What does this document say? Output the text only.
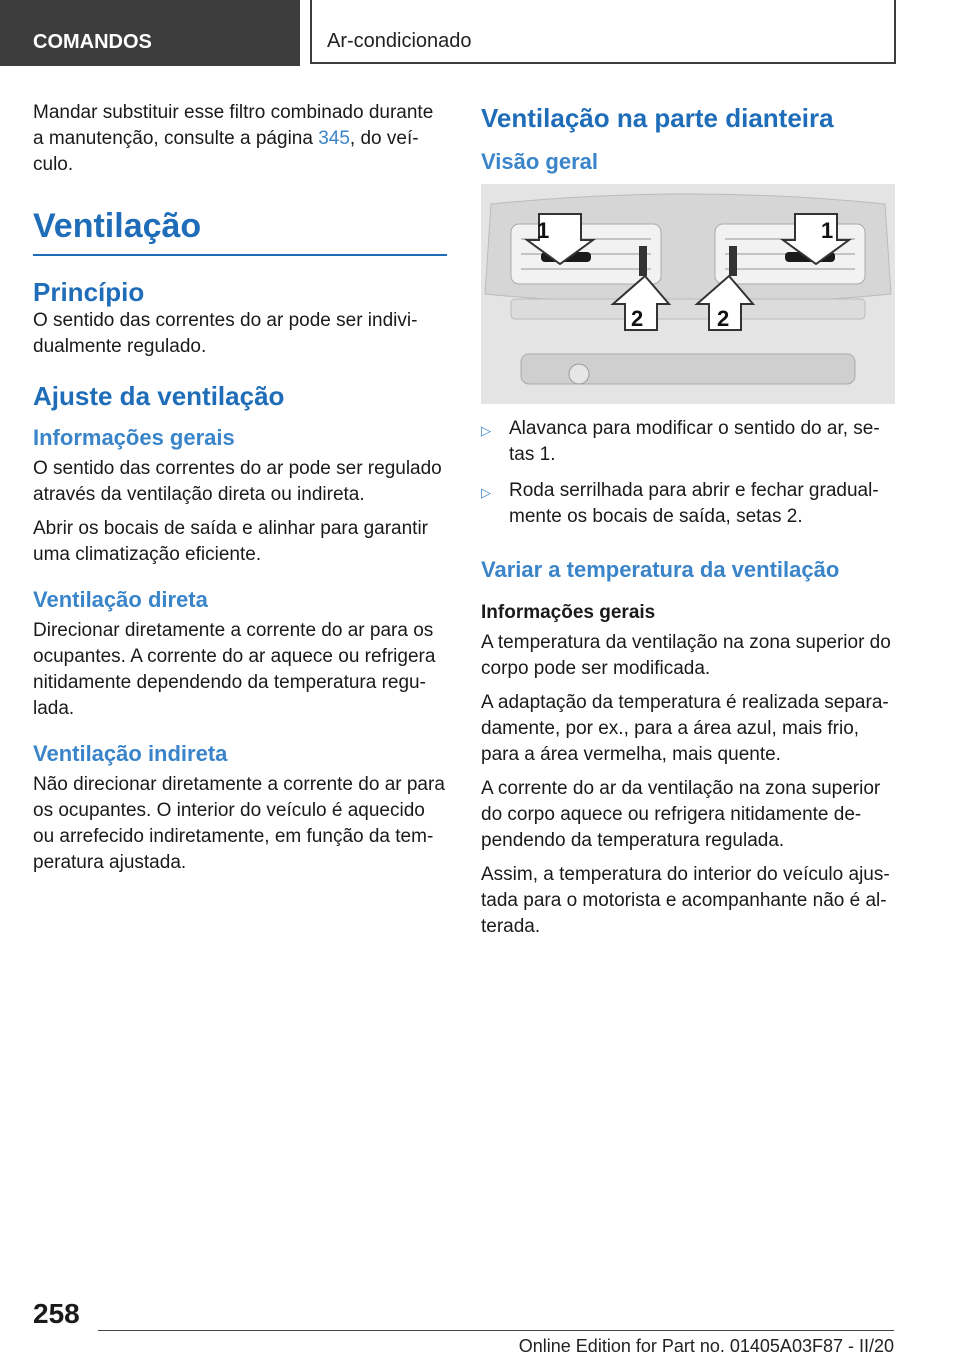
COMANDOS	Ar-condicionado

Mandar substituir esse filtro combinado durante a manutenção, consulte a página 345, do veí-culo.

Ventilação
Princípio

O sentido das correntes do ar pode ser indivi-dualmente regulado.

Ajuste da ventilação
Informações gerais

O sentido das correntes do ar pode ser regulado através da ventilação direta ou indireta.

Abrir os bocais de saída e alinhar para garantir uma climatização eficiente.

Ventilação direta

Direcionar diretamente a corrente do ar para os ocupantes. A corrente do ar aquece ou refrigera nitidamente dependendo da temperatura regu-lada.

Ventilação indireta

Não direcionar diretamente a corrente do ar para os ocupantes. O interior do veículo é aquecido ou arrefecido indiretamente, em função da tem-peratura ajustada.

Ventilação na parte dianteira
Visão geral
1	1
2	2
▷ Alavanca para modificar o sentido do ar, se-tas 1.
▷ Roda serrilhada para abrir e fechar gradual-mente os bocais de saída, setas 2.
Variar a temperatura da ventilação
Informações gerais

A temperatura da ventilação na zona superior do corpo pode ser modificada.

A adaptação da temperatura é realizada separa-damente, por ex., para a área azul, mais frio, para a área vermelha, mais quente.

A corrente do ar da ventilação na zona superior do corpo aquece ou refrigera nitidamente de-pendendo da temperatura regulada.

Assim, a temperatura do interior do veículo ajus-tada para o motorista e acompanhante não é al-terada.

258
Online Edition for Part no. 01405A03F87 - II/20
